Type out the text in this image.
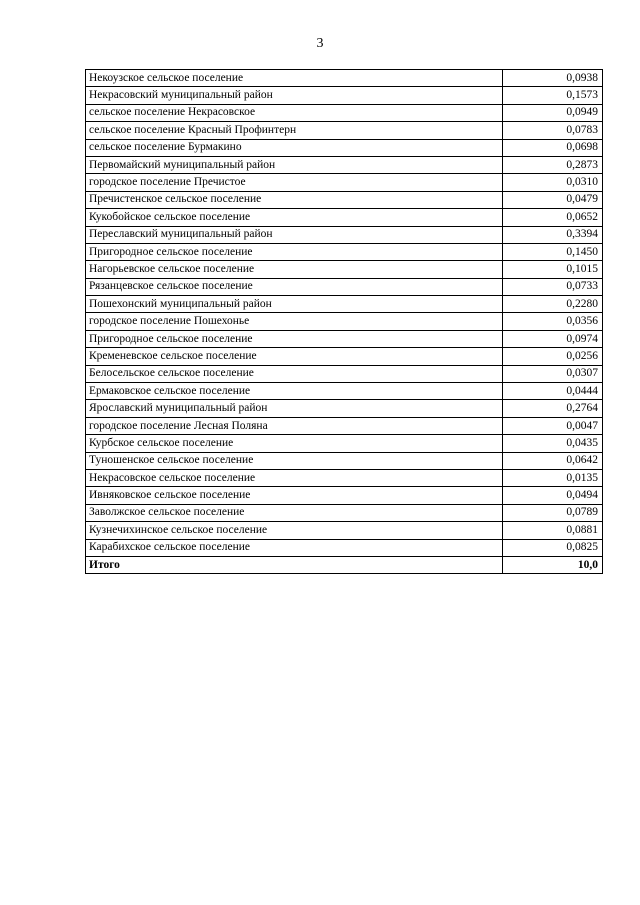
3
Некоузское сельское поселение	0,0938
Некрасовский муниципальный район	0,1573
сельское поселение Некрасовское	0,0949
сельское поселение Красный Профинтерн	0,0783
сельское поселение Бурмакино	0,0698
Первомайский муниципальный район	0,2873
городское поселение Пречистое	0,0310
Пречистенское сельское поселение	0,0479
Кукобойское сельское поселение	0,0652
Переславский муниципальный район	0,3394
Пригородное сельское поселение	0,1450
Нагорьевское сельское поселение	0,1015
Рязанцевское сельское поселение	0,0733
Пошехонский муниципальный район	0,2280
городское поселение Пошехонье	0,0356
Пригородное сельское поселение	0,0974
Кременевское сельское поселение	0,0256
Белосельское сельское поселение	0,0307
Ермаковское сельское поселение	0,0444
Ярославский муниципальный район	0,2764
городское поселение Лесная Поляна	0,0047
Курбское сельское поселение	0,0435
Туношенское сельское поселение	0,0642
Некрасовское сельское поселение	0,0135
Ивняковское сельское поселение	0,0494
Заволжское сельское поселение	0,0789
Кузнечихинское сельское поселение	0,0881
Карабихское сельское поселение	0,0825
Итого	10,0
